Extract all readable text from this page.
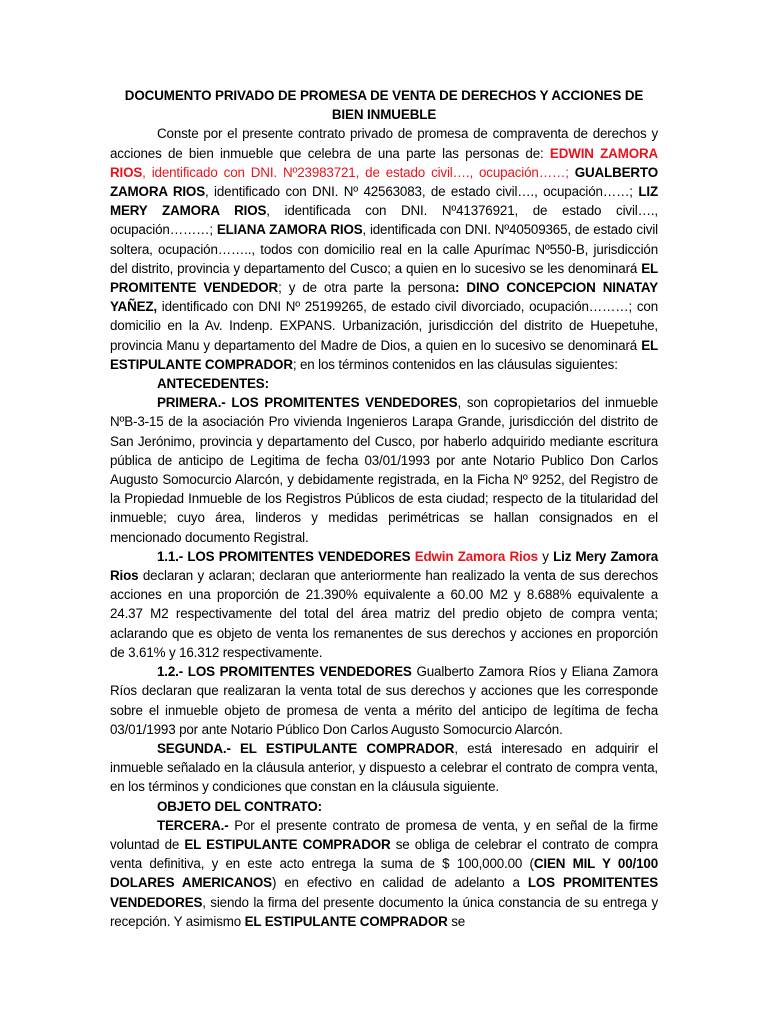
DOCUMENTO PRIVADO DE PROMESA DE VENTA DE DERECHOS Y ACCIONES DE BIEN INMUEBLE

Conste por el presente contrato privado de promesa de compraventa de derechos y acciones de bien inmueble que celebra de una parte las personas de: EDWIN ZAMORA RIOS, identificado con DNI. Nº23983721, de estado civil…., ocupación……; GUALBERTO ZAMORA RIOS, identificado con DNI. Nº 42563083, de estado civil…., ocupación……; LIZ MERY ZAMORA RIOS, identificada con DNI. Nº41376921, de estado civil…., ocupación………; ELIANA ZAMORA RIOS, identificada con DNI. Nº40509365, de estado civil soltera, ocupación…….., todos con domicilio real en la calle Apurímac Nº550-B, jurisdicción del distrito, provincia y departamento del Cusco; a quien en lo sucesivo se les denominará EL PROMITENTE VENDEDOR; y de otra parte la persona: DINO CONCEPCION NINATAY YAÑEZ, identificado con DNI Nº 25199265, de estado civil divorciado, ocupación………; con domicilio en la Av. Indenp. EXPANS. Urbanización, jurisdicción del distrito de Huepetuhe, provincia Manu y departamento del Madre de Dios, a quien en lo sucesivo se denominará EL ESTIPULANTE COMPRADOR; en los términos contenidos en las cláusulas siguientes:

ANTECEDENTES:

PRIMERA.- LOS PROMITENTES VENDEDORES, son copropietarios del inmueble NºB-3-15 de la asociación Pro vivienda Ingenieros Larapa Grande, jurisdicción del distrito de San Jerónimo, provincia y departamento del Cusco, por haberlo adquirido mediante escritura pública de anticipo de Legitima de fecha 03/01/1993 por ante Notario Publico Don Carlos Augusto Somocurcio Alarcón, y debidamente registrada, en la Ficha Nº 9252, del Registro de la Propiedad Inmueble de los Registros Públicos de esta ciudad; respecto de la titularidad del inmueble; cuyo área, linderos y medidas perimétricas se hallan consignados en el mencionado documento Registral.

1.1.- LOS PROMITENTES VENDEDORES Edwin Zamora Rios y Liz Mery Zamora Rios declaran y aclaran; declaran que anteriormente han realizado la venta de sus derechos acciones en una proporción de 21.390% equivalente a 60.00 M2 y 8.688% equivalente a 24.37 M2 respectivamente del total del área matriz del predio objeto de compra venta; aclarando que es objeto de venta los remanentes de sus derechos y acciones en proporción de 3.61% y 16.312 respectivamente.

1.2.- LOS PROMITENTES VENDEDORES Gualberto Zamora Ríos y Eliana Zamora Ríos declaran que realizaran la venta total de sus derechos y acciones que les corresponde sobre el inmueble objeto de promesa de venta a mérito del anticipo de legítima de fecha 03/01/1993 por ante Notario Público Don Carlos Augusto Somocurcio Alarcón.

SEGUNDA.- EL ESTIPULANTE COMPRADOR, está interesado en adquirir el inmueble señalado en la cláusula anterior, y dispuesto a celebrar el contrato de compra venta, en los términos y condiciones que constan en la cláusula siguiente.

OBJETO DEL CONTRATO:

TERCERA.- Por el presente contrato de promesa de venta, y en señal de la firme voluntad de EL ESTIPULANTE COMPRADOR se obliga de celebrar el contrato de compra venta definitiva, y en este acto entrega la suma de $ 100,000.00 (CIEN MIL Y 00/100 DOLARES AMERICANOS) en efectivo en calidad de adelanto a LOS PROMITENTES VENDEDORES, siendo la firma del presente documento la única constancia de su entrega y recepción. Y asimismo EL ESTIPULANTE COMPRADOR se
